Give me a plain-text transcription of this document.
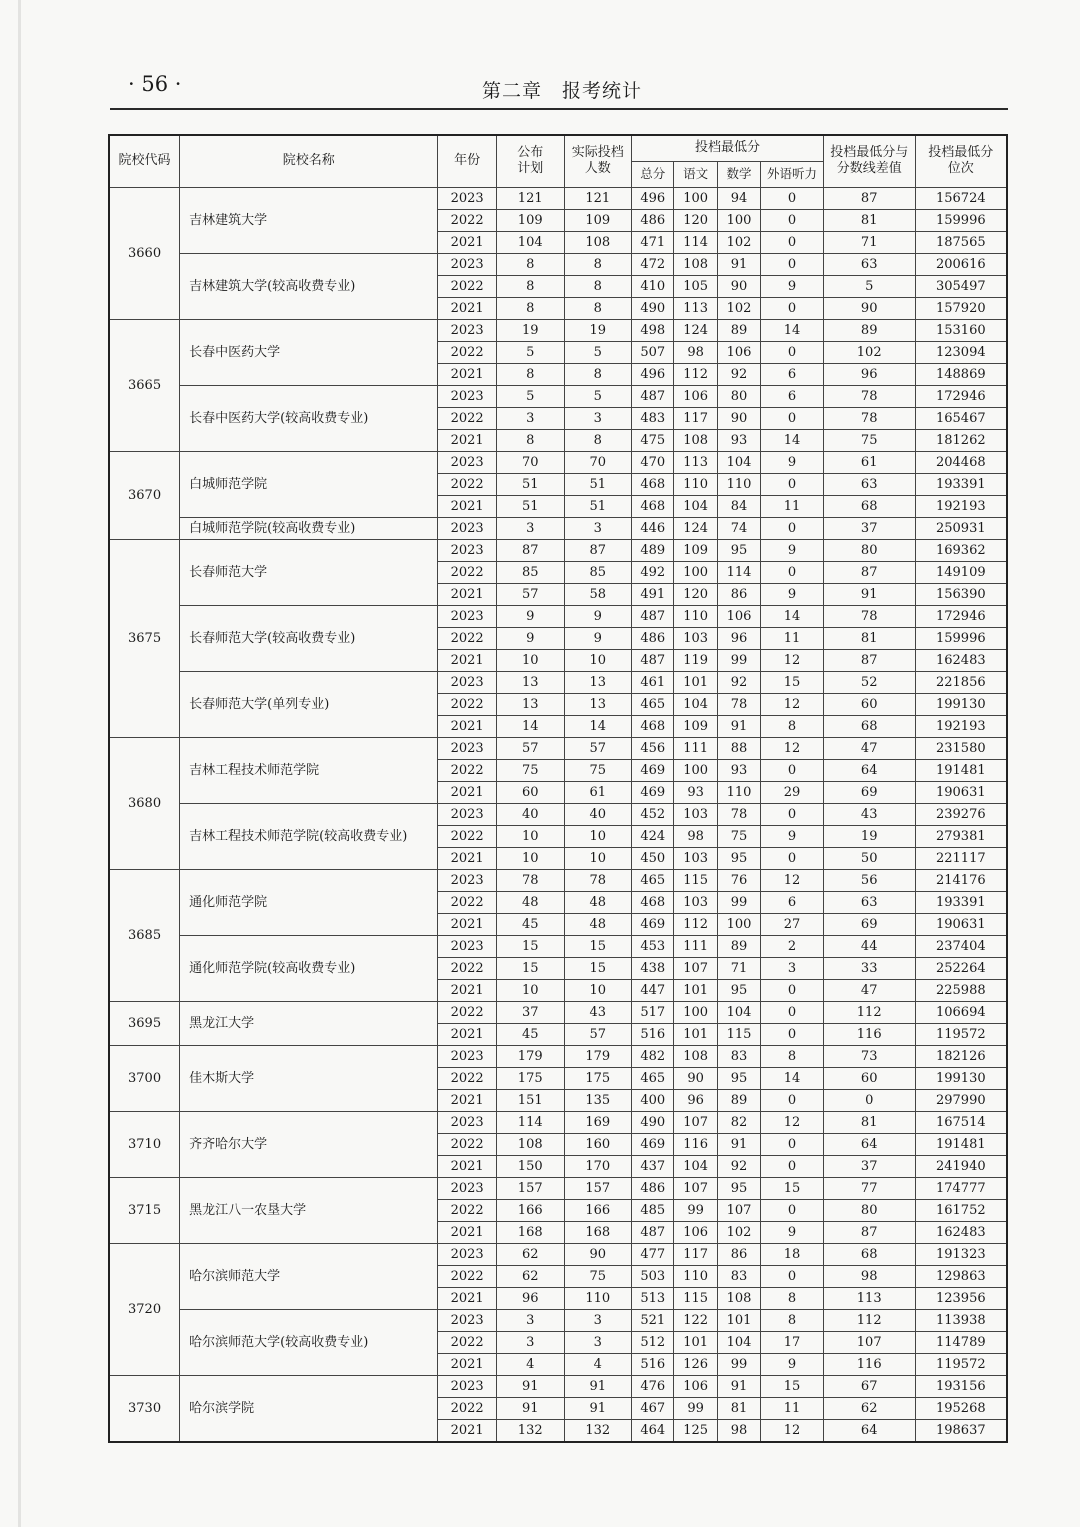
· 56 ·	第二章　报考统计
院校代码	院校名称	年份	公布计划	实际投档人数	投档最低分				投档最低分与分数线差值	投档最低分位次
					总分	语文	数学	外语听力		
3660	吉林建筑大学	2023	121	121	496	100	94	0	87	156724
		2022	109	109	486	120	100	0	81	159996
		2021	104	108	471	114	102	0	71	187565
	吉林建筑大学(较高收费专业)	2023	8	8	472	108	91	0	63	200616
		2022	8	8	410	105	90	9	5	305497
		2021	8	8	490	113	102	0	90	157920
3665	长春中医药大学	2023	19	19	498	124	89	14	89	153160
		2022	5	5	507	98	106	0	102	123094
		2021	8	8	496	112	92	6	96	148869
	长春中医药大学(较高收费专业)	2023	5	5	487	106	80	6	78	172946
		2022	3	3	483	117	90	0	78	165467
		2021	8	8	475	108	93	14	75	181262
3670	白城师范学院	2023	70	70	470	113	104	9	61	204468
		2022	51	51	468	110	110	0	63	193391
		2021	51	51	468	104	84	11	68	192193
	白城师范学院(较高收费专业)	2023	3	3	446	124	74	0	37	250931
3675	长春师范大学	2023	87	87	489	109	95	9	80	169362
		2022	85	85	492	100	114	0	87	149109
		2021	57	58	491	120	86	9	91	156390
	长春师范大学(较高收费专业)	2023	9	9	487	110	106	14	78	172946
		2022	9	9	486	103	96	11	81	159996
		2021	10	10	487	119	99	12	87	162483
	长春师范大学(单列专业)	2023	13	13	461	101	92	15	52	221856
		2022	13	13	465	104	78	12	60	199130
		2021	14	14	468	109	91	8	68	192193
3680	吉林工程技术师范学院	2023	57	57	456	111	88	12	47	231580
		2022	75	75	469	100	93	0	64	191481
		2021	60	61	469	93	110	29	69	190631
	吉林工程技术师范学院(较高收费专业)	2023	40	40	452	103	78	0	43	239276
		2022	10	10	424	98	75	9	19	279381
		2021	10	10	450	103	95	0	50	221117
3685	通化师范学院	2023	78	78	465	115	76	12	56	214176
		2022	48	48	468	103	99	6	63	193391
		2021	45	48	469	112	100	27	69	190631
	通化师范学院(较高收费专业)	2023	15	15	453	111	89	2	44	237404
		2022	15	15	438	107	71	3	33	252264
		2021	10	10	447	101	95	0	47	225988
3695	黑龙江大学	2022	37	43	517	100	104	0	112	106694
		2021	45	57	516	101	115	0	116	119572
3700	佳木斯大学	2023	179	179	482	108	83	8	73	182126
		2022	175	175	465	90	95	14	60	199130
		2021	151	135	400	96	89	0	0	297990
3710	齐齐哈尔大学	2023	114	169	490	107	82	12	81	167514
		2022	108	160	469	116	91	0	64	191481
		2021	150	170	437	104	92	0	37	241940
3715	黑龙江八一农垦大学	2023	157	157	486	107	95	15	77	174777
		2022	166	166	485	99	107	0	80	161752
		2021	168	168	487	106	102	9	87	162483
3720	哈尔滨师范大学	2023	62	90	477	117	86	18	68	191323
		2022	62	75	503	110	83	0	98	129863
		2021	96	110	513	115	108	8	113	123956
	哈尔滨师范大学(较高收费专业)	2023	3	3	521	122	101	8	112	113938
		2022	3	3	512	101	104	17	107	114789
		2021	4	4	516	126	99	9	116	119572
3730	哈尔滨学院	2023	91	91	476	106	91	15	67	193156
		2022	91	91	467	99	81	11	62	195268
		2021	132	132	464	125	98	12	64	198637
